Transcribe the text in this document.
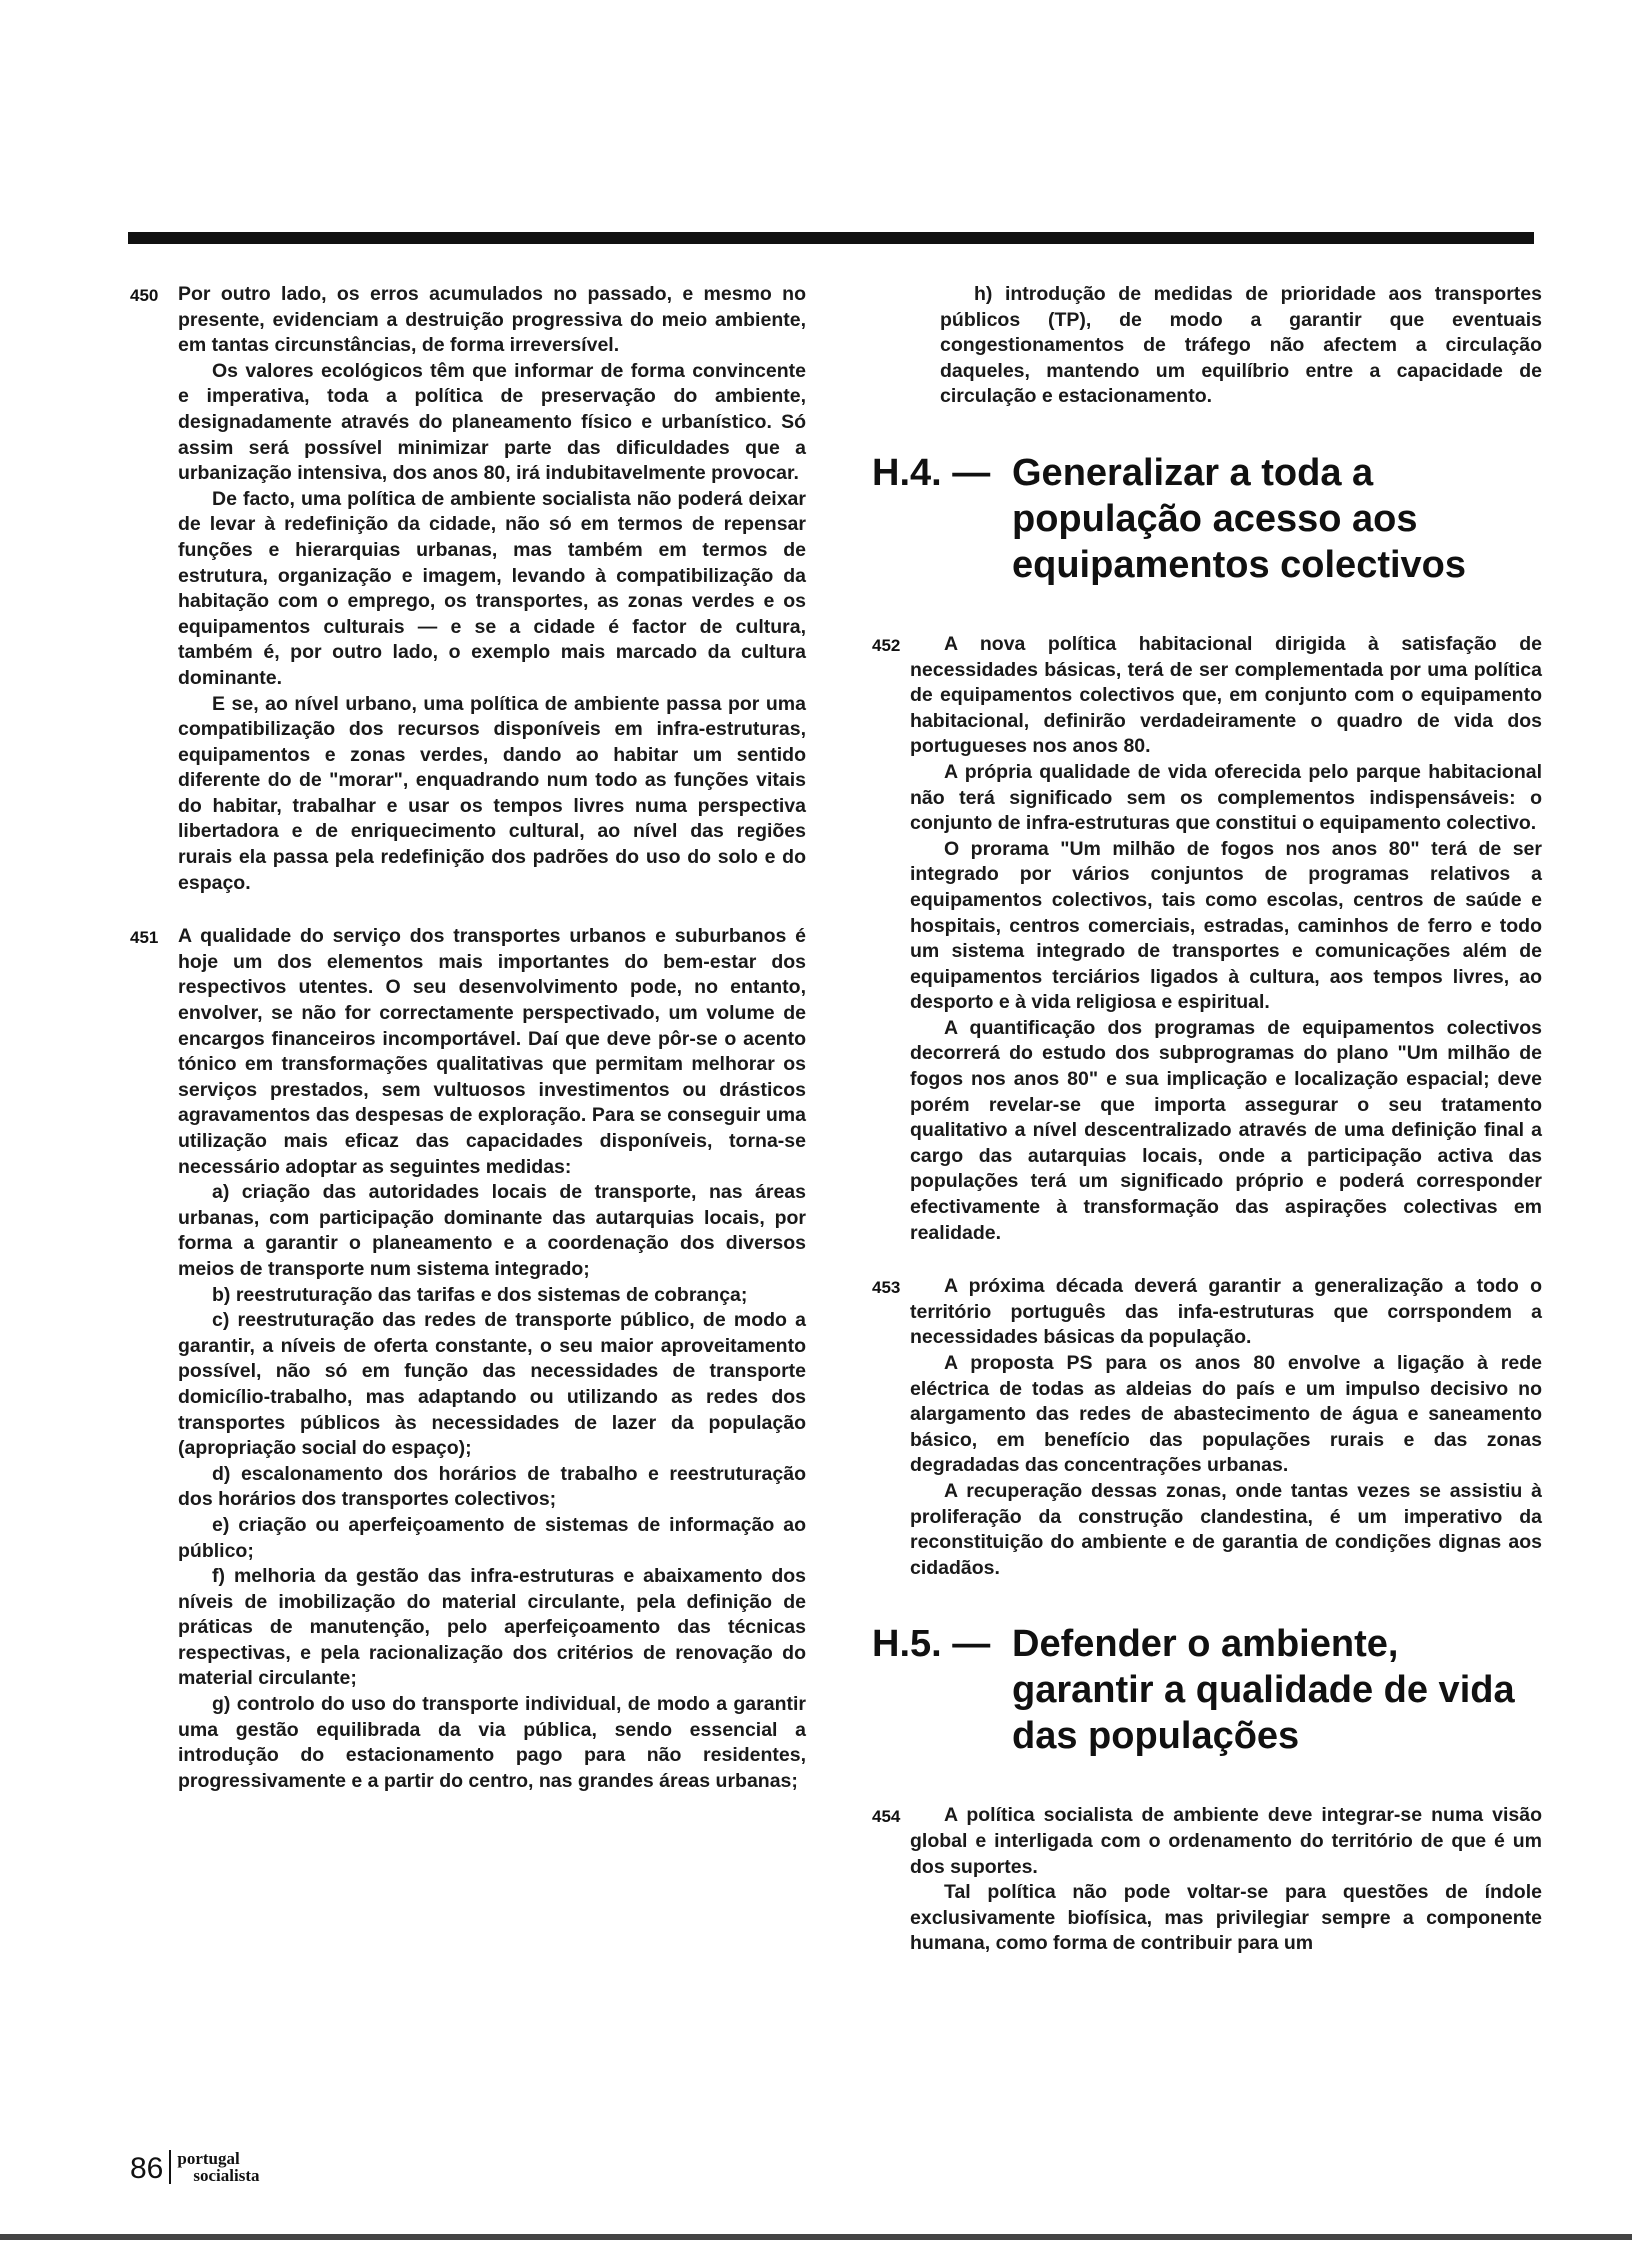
450	Por outro lado, os erros acumulados no passado, e mesmo no presente, evidenciam a destruição progressiva do meio ambiente, em tantas circunstâncias, de forma irreversível.

Os valores ecológicos têm que informar de forma convincente e imperativa, toda a política de preservação do ambiente, designadamente através do planeamento físico e urbanístico. Só assim será possível minimizar parte das dificuldades que a urbanização intensiva, dos anos 80, irá indubitavelmente provocar.

De facto, uma política de ambiente socialista não poderá deixar de levar à redefinição da cidade, não só em termos de repensar funções e hierarquias urbanas, mas também em termos de estrutura, organização e imagem, levando à compatibilização da habitação com o emprego, os transportes, as zonas verdes e os equipamentos culturais — e se a cidade é factor de cultura, também é, por outro lado, o exemplo mais marcado da cultura dominante.

E se, ao nível urbano, uma política de ambiente passa por uma compatibilização dos recursos disponíveis em infra-estruturas, equipamentos e zonas verdes, dando ao habitar um sentido diferente do de "morar", enquadrando num todo as funções vitais do habitar, trabalhar e usar os tempos livres numa perspectiva libertadora e de enriquecimento cultural, ao nível das regiões rurais ela passa pela redefinição dos padrões do uso do solo e do espaço.

451	A qualidade do serviço dos transportes urbanos e suburbanos é hoje um dos elementos mais importantes do bem-estar dos respectivos utentes. O seu desenvolvimento pode, no entanto, envolver, se não for correctamente perspectivado, um volume de encargos financeiros incomportável. Daí que deve pôr-se o acento tónico em transformações qualitativas que permitam melhorar os serviços prestados, sem vultuosos investimentos ou drásticos agravamentos das despesas de exploração. Para se conseguir uma utilização mais eficaz das capacidades disponíveis, torna-se necessário adoptar as seguintes medidas:

a) criação das autoridades locais de transporte, nas áreas urbanas, com participação dominante das autarquias locais, por forma a garantir o planeamento e a coordenação dos diversos meios de transporte num sistema integrado;

b) reestruturação das tarifas e dos sistemas de cobrança;

c) reestruturação das redes de transporte público, de modo a garantir, a níveis de oferta constante, o seu maior aproveitamento possível, não só em função das necessidades de transporte domicílio-trabalho, mas adaptando ou utilizando as redes dos transportes públicos às necessidades de lazer da população (apropriação social do espaço);

d) escalonamento dos horários de trabalho e reestruturação dos horários dos transportes colectivos;

e) criação ou aperfeiçoamento de sistemas de informação ao público;

f) melhoria da gestão das infra-estruturas e abaixamento dos níveis de imobilização do material circulante, pela definição de práticas de manutenção, pelo aperfeiçoamento das técnicas respectivas, e pela racionalização dos critérios de renovação do material circulante;

g) controlo do uso do transporte individual, de modo a garantir uma gestão equilibrada da via pública, sendo essencial a introdução do estacionamento pago para não residentes, progressivamente e a partir do centro, nas grandes áreas urbanas;

h) introdução de medidas de prioridade aos transportes públicos (TP), de modo a garantir que eventuais congestionamentos de tráfego não afectem a circulação daqueles, mantendo um equilíbrio entre a capacidade de circulação e estacionamento.

H.4. — Generalizar a toda a população acesso aos equipamentos colectivos
452	A nova política habitacional dirigida à satisfação de necessidades básicas, terá de ser complementada por uma política de equipamentos colectivos que, em conjunto com o equipamento habitacional, definirão verdadeiramente o quadro de vida dos portugueses nos anos 80.

A própria qualidade de vida oferecida pelo parque habitacional não terá significado sem os complementos indispensáveis: o conjunto de infra-estruturas que constitui o equipamento colectivo.

O prorama "Um milhão de fogos nos anos 80" terá de ser integrado por vários conjuntos de programas relativos a equipamentos colectivos, tais como escolas, centros de saúde e hospitais, centros comerciais, estradas, caminhos de ferro e todo um sistema integrado de transportes e comunicações além de equipamentos terciários ligados à cultura, aos tempos livres, ao desporto e à vida religiosa e espiritual.

A quantificação dos programas de equipamentos colectivos decorrerá do estudo dos subprogramas do plano "Um milhão de fogos nos anos 80" e sua implicação e localização espacial; deve porém revelar-se que importa assegurar o seu tratamento qualitativo a nível descentralizado através de uma definição final a cargo das autarquias locais, onde a participação activa das populações terá um significado próprio e poderá corresponder efectivamente à transformação das aspirações colectivas em realidade.

453	A próxima década deverá garantir a generalização a todo o território português das infa-estruturas que corrspondem a necessidades básicas da população.

A proposta PS para os anos 80 envolve a ligação à rede eléctrica de todas as aldeias do país e um impulso decisivo no alargamento das redes de abastecimento de água e saneamento básico, em benefício das populações rurais e das zonas degradadas das concentrações urbanas.

A recuperação dessas zonas, onde tantas vezes se assistiu à proliferação da construção clandestina, é um imperativo da reconstituição do ambiente e de garantia de condições dignas aos cidadãos.

H.5. — Defender o ambiente, garantir a qualidade de vida das populações
454	A política socialista de ambiente deve integrar-se numa visão global e interligada com o ordenamento do território de que é um dos suportes.

Tal política não pode voltar-se para questões de índole exclusivamente biofísica, mas privilegiar sempre a componente humana, como forma de contribuir para um

86 portugal
socialista
